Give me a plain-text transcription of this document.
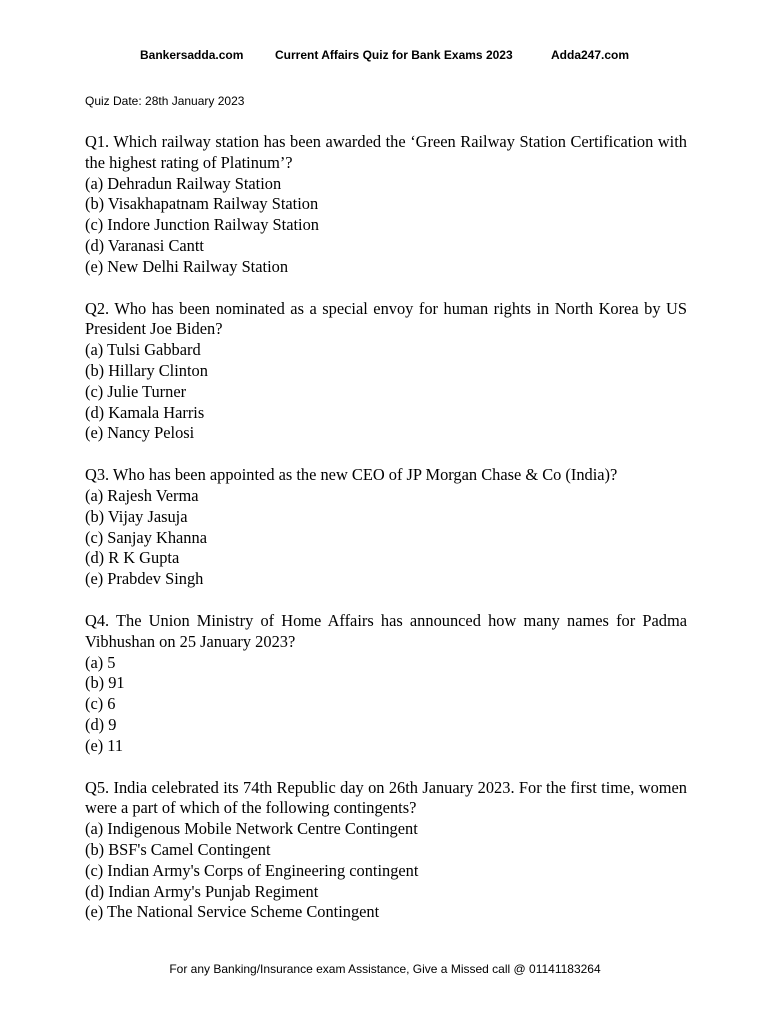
Bankersadda.com	Current Affairs Quiz for Bank Exams 2023	Adda247.com
Quiz Date: 28th January 2023

Q1. Which railway station has been awarded the ‘Green Railway Station Certification with the highest rating of Platinum’?

(a) Dehradun Railway Station

(b) Visakhapatnam Railway Station

(c) Indore Junction Railway Station

(d) Varanasi Cantt

(e) New Delhi Railway Station

Q2. Who has been nominated as a special envoy for human rights in North Korea by US President Joe Biden?

(a) Tulsi Gabbard

(b) Hillary Clinton

(c) Julie Turner

(d) Kamala Harris

(e) Nancy Pelosi

Q3. Who has been appointed as the new CEO of JP Morgan Chase & Co (India)?

(a) Rajesh Verma

(b) Vijay Jasuja

(c) Sanjay Khanna

(d) R K Gupta

(e) Prabdev Singh

Q4. The Union Ministry of Home Affairs has announced how many names for Padma Vibhushan on 25 January 2023?

(a) 5

(b) 91

(c) 6

(d) 9

(e) 11

Q5. India celebrated its 74th Republic day on 26th January 2023. For the first time, women were a part of which of the following contingents?

(a) Indigenous Mobile Network Centre Contingent

(b) BSF's Camel Contingent

(c) Indian Army's Corps of Engineering contingent

(d) Indian Army's Punjab Regiment

(e) The National Service Scheme Contingent

For any Banking/Insurance exam Assistance, Give a Missed call @ 01141183264
